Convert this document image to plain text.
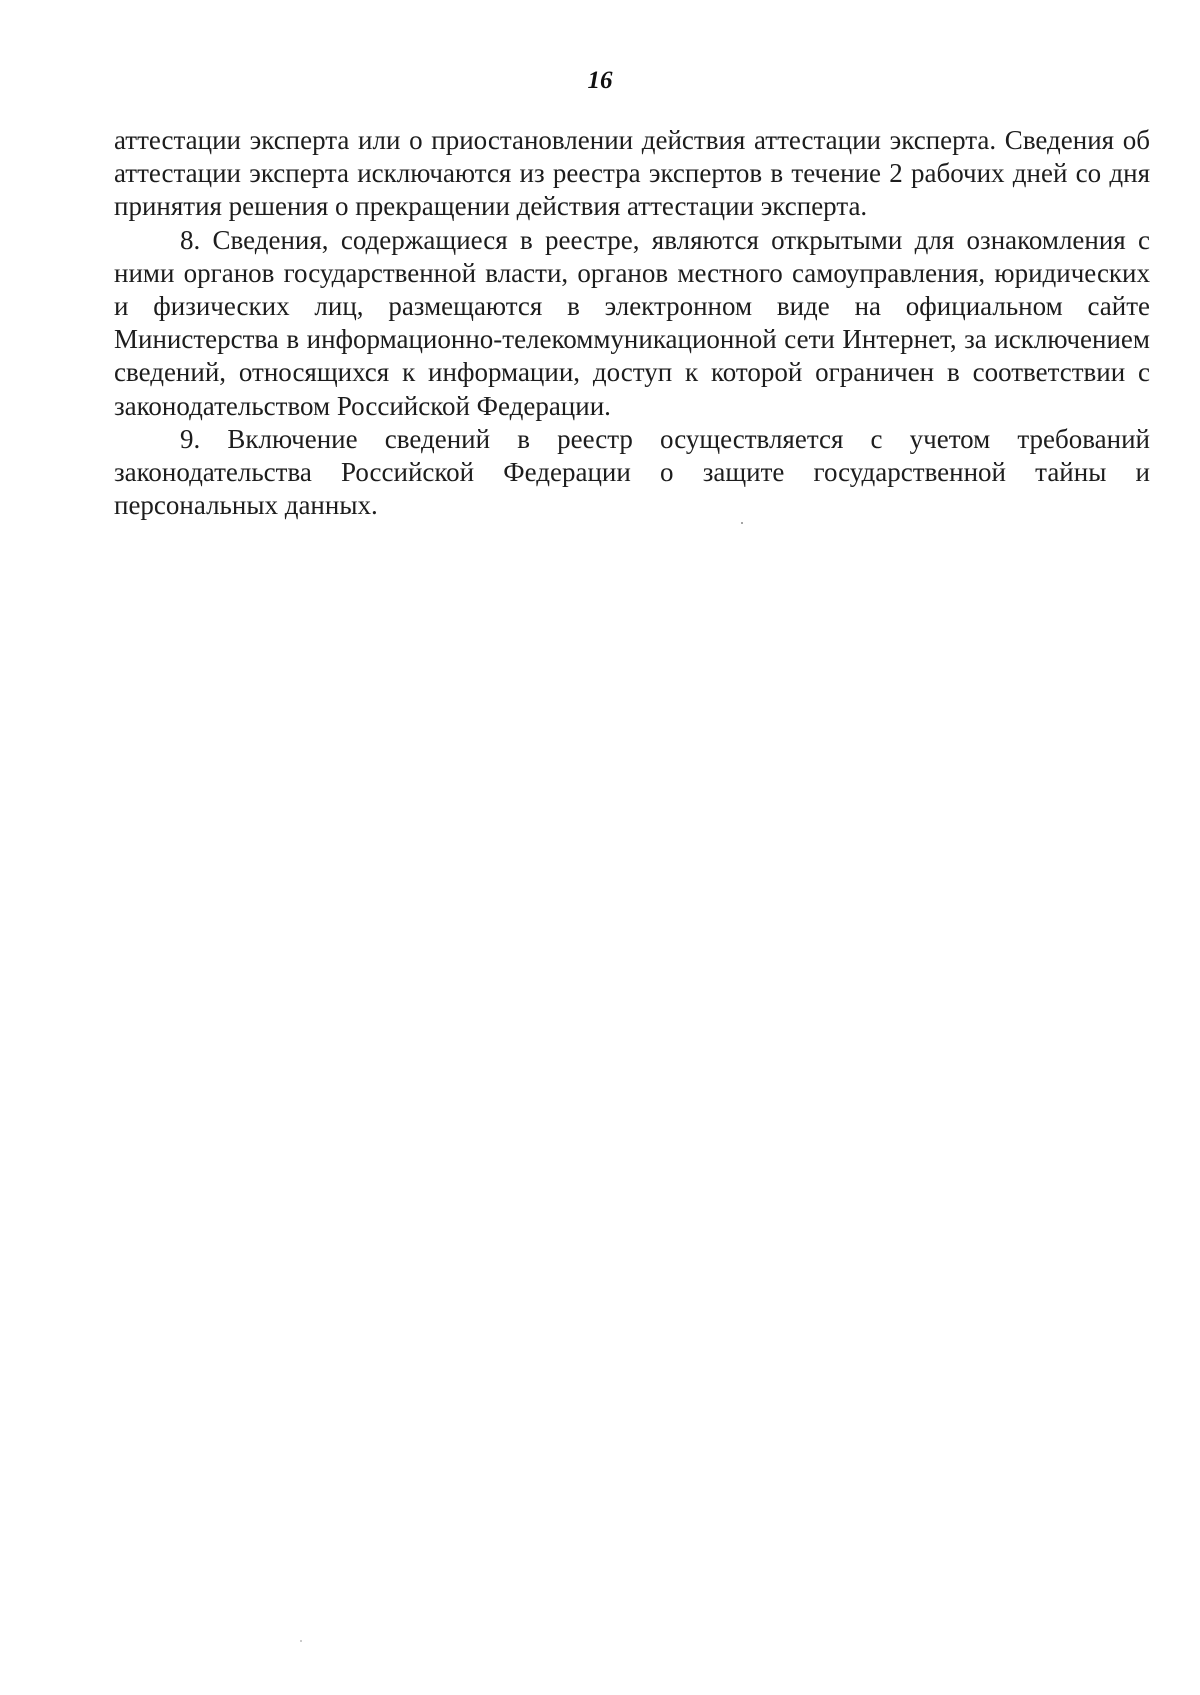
16

аттестации эксперта или о приостановлении действия аттестации эксперта. Сведения об аттестации эксперта исключаются из реестра экспертов в течение 2 рабочих дней со дня принятия решения о прекращении действия аттестации эксперта.

8. Сведения, содержащиеся в реестре, являются открытыми для ознакомления с ними органов государственной власти, органов местного самоуправления, юридических и физических лиц, размещаются в электронном виде на официальном сайте Министерства в информационно-телекоммуникационной сети Интернет, за исключением сведений, относящихся к информации, доступ к которой ограничен в соответствии с законодательством Российской Федерации.

9. Включение сведений в реестр осуществляется с учетом требований законодательства Российской Федерации о защите государственной тайны и персональных данных.
